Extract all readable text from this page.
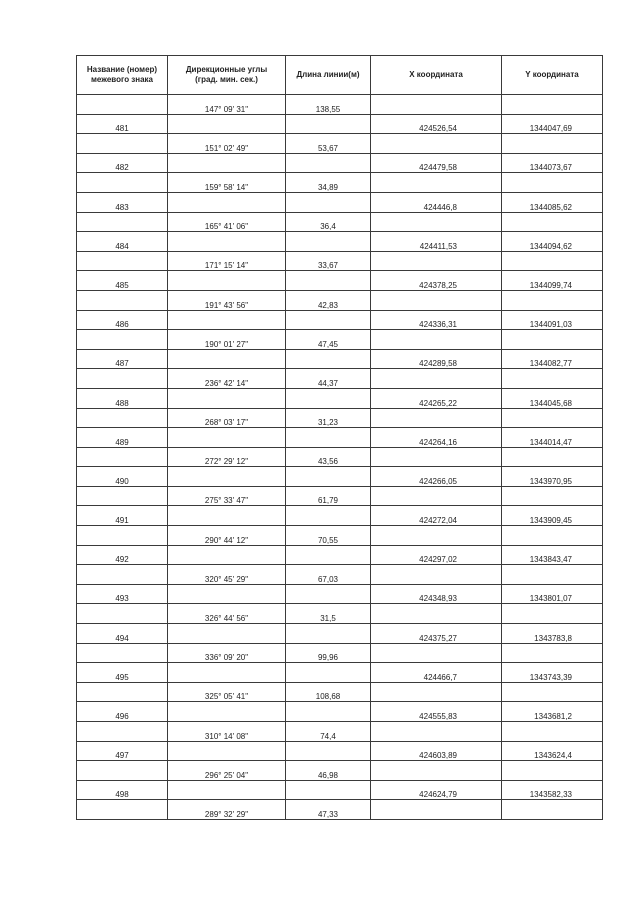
Название (номер)
межевого знака	Дирекционные углы
(град. мин. сек.)	Длина линии(м)	X координата	Y координата
	147° 09' 31"	138,55		
481			424526,54	1344047,69
	151° 02' 49"	53,67		
482			424479,58	1344073,67
	159° 58' 14"	34,89		
483			424446,8	1344085,62
	165° 41' 06"	36,4		
484			424411,53	1344094,62
	171° 15' 14"	33,67		
485			424378,25	1344099,74
	191° 43' 56"	42,83		
486			424336,31	1344091,03
	190° 01' 27"	47,45		
487			424289,58	1344082,77
	236° 42' 14"	44,37		
488			424265,22	1344045,68
	268° 03' 17"	31,23		
489			424264,16	1344014,47
	272° 29' 12"	43,56		
490			424266,05	1343970,95
	275° 33' 47"	61,79		
491			424272,04	1343909,45
	290° 44' 12"	70,55		
492			424297,02	1343843,47
	320° 45' 29"	67,03		
493			424348,93	1343801,07
	326° 44' 56"	31,5		
494			424375,27	1343783,8
	336° 09' 20"	99,96		
495			424466,7	1343743,39
	325° 05' 41"	108,68		
496			424555,83	1343681,2
	310° 14' 08"	74,4		
497			424603,89	1343624,4
	296° 25' 04"	46,98		
498			424624,79	1343582,33
	289° 32' 29"	47,33		
